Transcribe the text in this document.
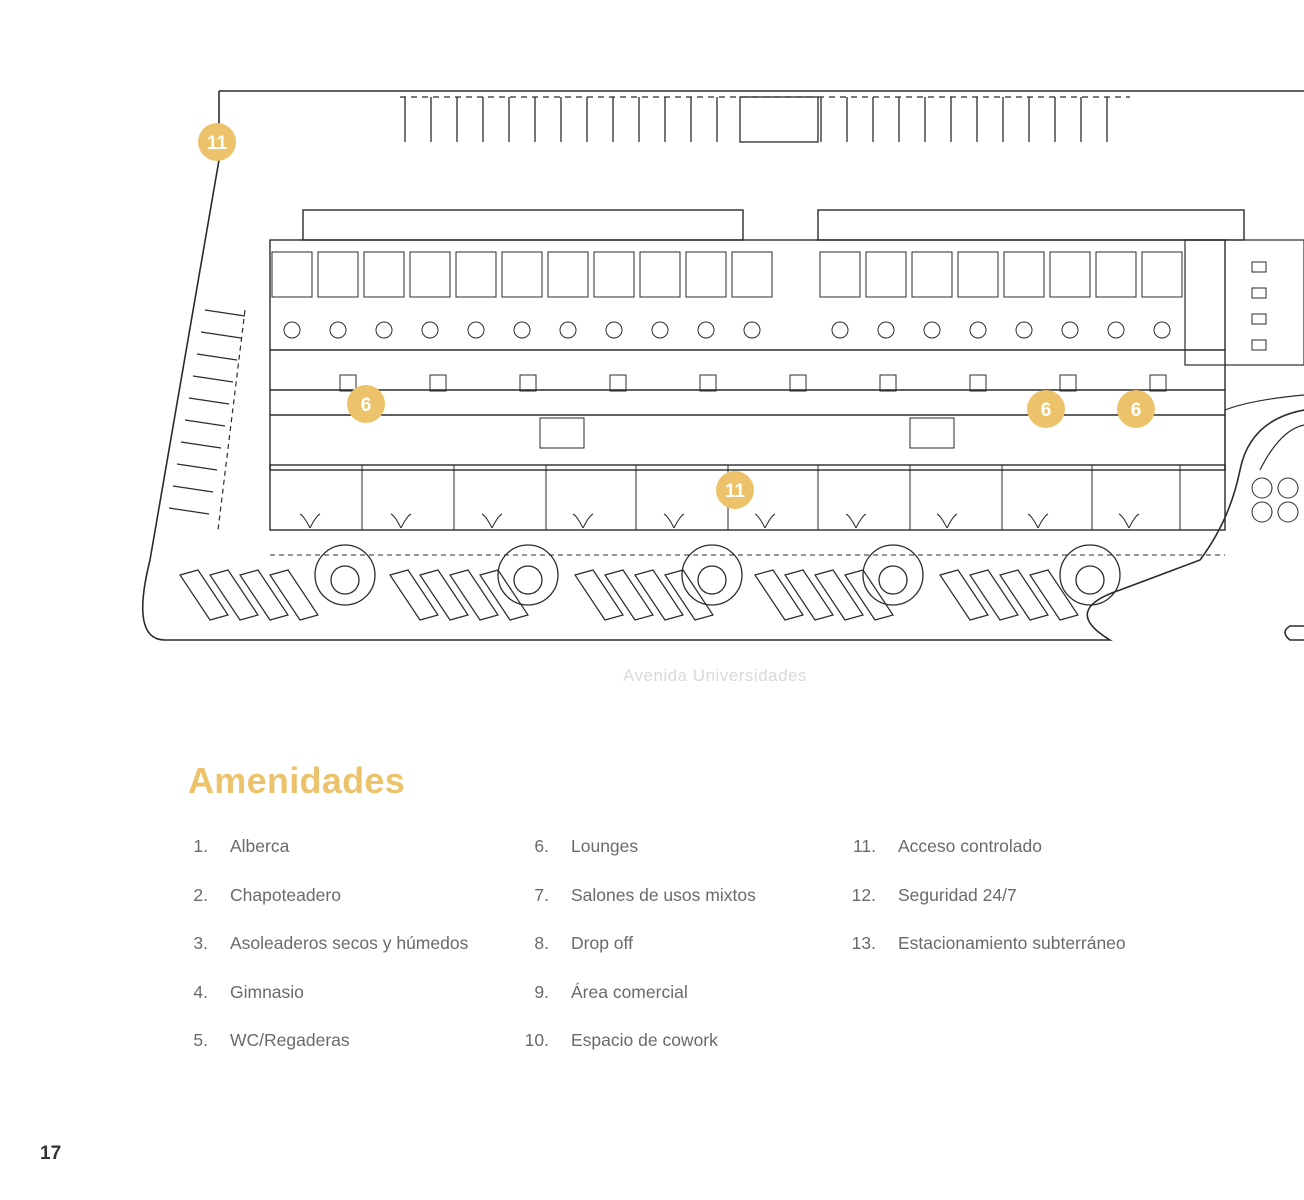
11
6	6	6
11
Avenida Universidades
Amenidades
1. Alberca
2. Chapoteadero
3. Asoleaderos secos y húmedos
4. Gimnasio
5. WC/Regaderas
6. Lounges
7. Salones de usos mixtos
8. Drop off
9. Área comercial
10. Espacio de cowork
11. Acceso controlado
12. Seguridad 24/7
13. Estacionamiento subterráneo
17
